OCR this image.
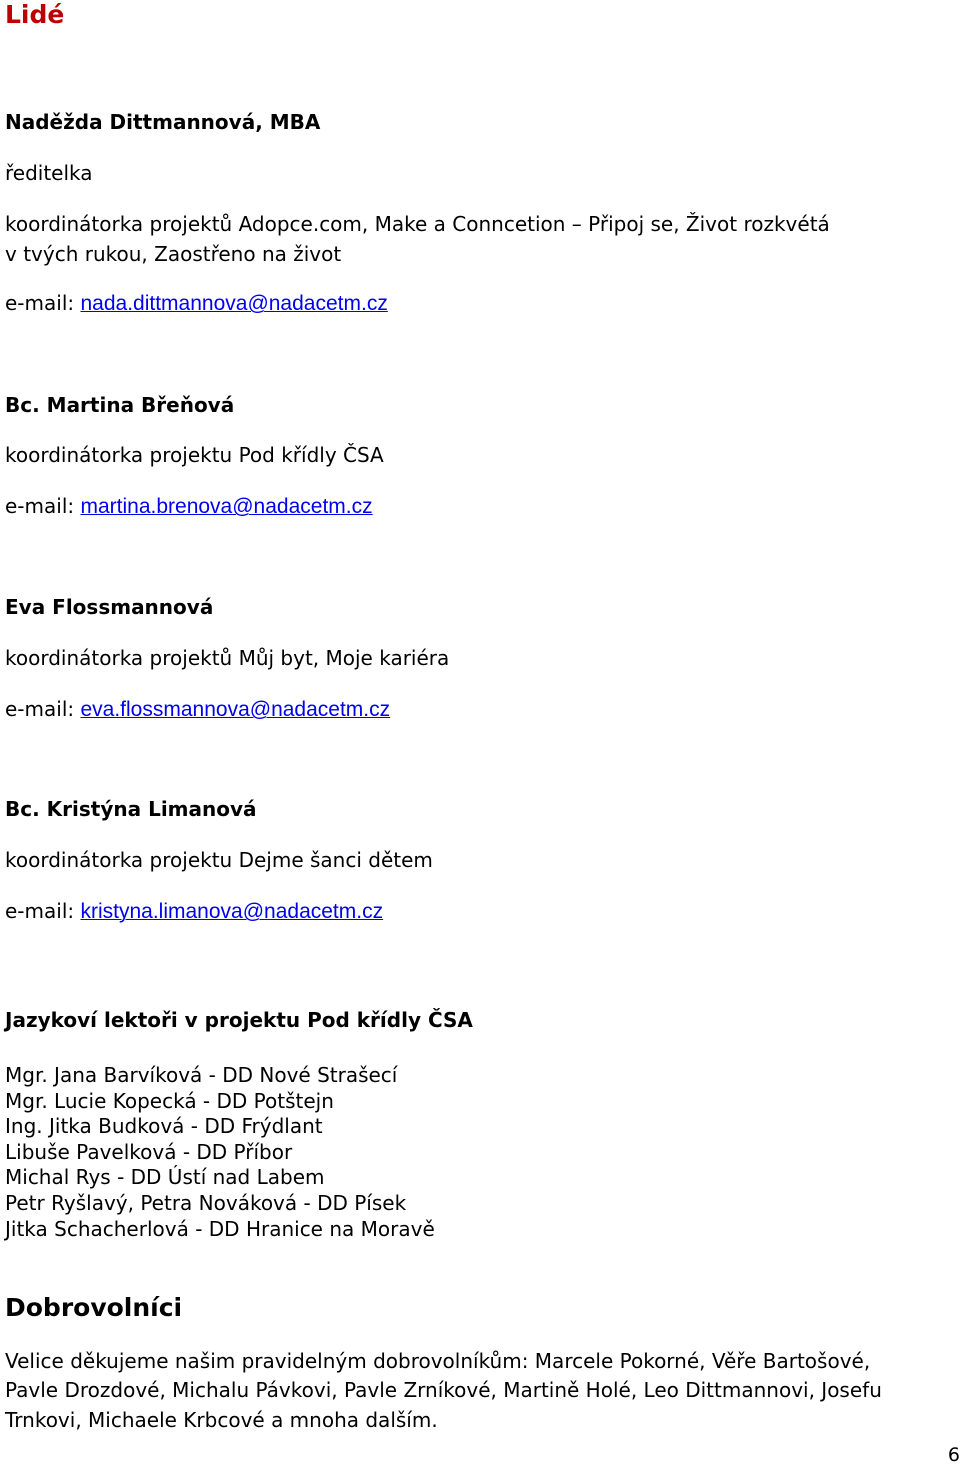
Lidé
Naděžda Dittmannová, MBA
ředitelka
koordinátorka projektů Adopce.com, Make a Conncetion – Připoj se, Život rozkvétá
v tvých rukou, Zaostřeno na život
e-mail: nada.dittmannova@nadacetm.cz
Bc. Martina Břeňová
koordinátorka projektu Pod křídly ČSA
e-mail: martina.brenova@nadacetm.cz
Eva Flossmannová
koordinátorka projektů Můj byt, Moje kariéra
e-mail: eva.flossmannova@nadacetm.cz
Bc. Kristýna Limanová
koordinátorka projektu Dejme šanci dětem
e-mail: kristyna.limanova@nadacetm.cz
Jazykoví lektoři v projektu Pod křídly ČSA
Mgr. Jana Barvíková - DD Nové Strašecí
Mgr. Lucie Kopecká - DD Potštejn
Ing. Jitka Budková - DD Frýdlant
Libuše Pavelková - DD Příbor
Michal Rys - DD Ústí nad Labem
Petr Ryšlavý, Petra Nováková - DD Písek
Jitka Schacherlová - DD Hranice na Moravě
Dobrovolníci
Velice děkujeme našim pravidelným dobrovolníkům: Marcele Pokorné, Věře Bartošové,
Pavle Drozdové, Michalu Pávkovi, Pavle Zrníkové, Martině Holé, Leo Dittmannovi, Josefu
Trnkovi, Michaele Krbcové a mnoha dalším.
6
